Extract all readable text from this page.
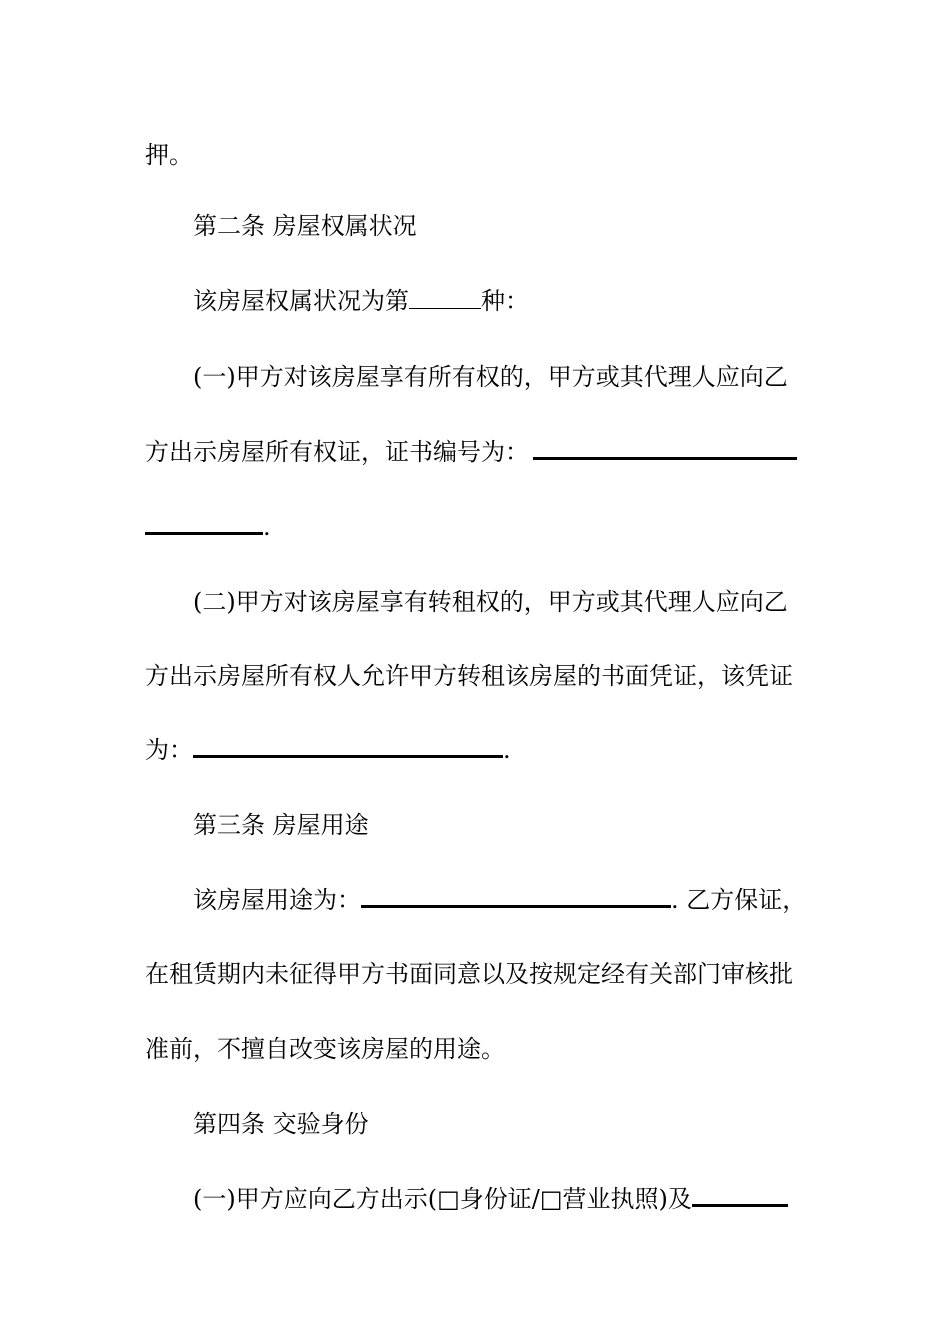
押。
第二条 房屋权属状况
该房屋权属状况为第	种：
(一)甲方对该房屋享有所有权的，甲方或其代理人应向乙
方出示房屋所有权证，证书编号为：
.
(二)甲方对该房屋享有转租权的，甲方或其代理人应向乙
方出示房屋所有权人允许甲方转租该房屋的书面凭证，该凭证
为：	.
第三条 房屋用途
该房屋用途为：	. 乙方保证，
在租赁期内未征得甲方书面同意以及按规定经有关部门审核批
准前，不擅自改变该房屋的用途。
第四条 交验身份
(一)甲方应向乙方出示(□身份证/□营业执照)及
